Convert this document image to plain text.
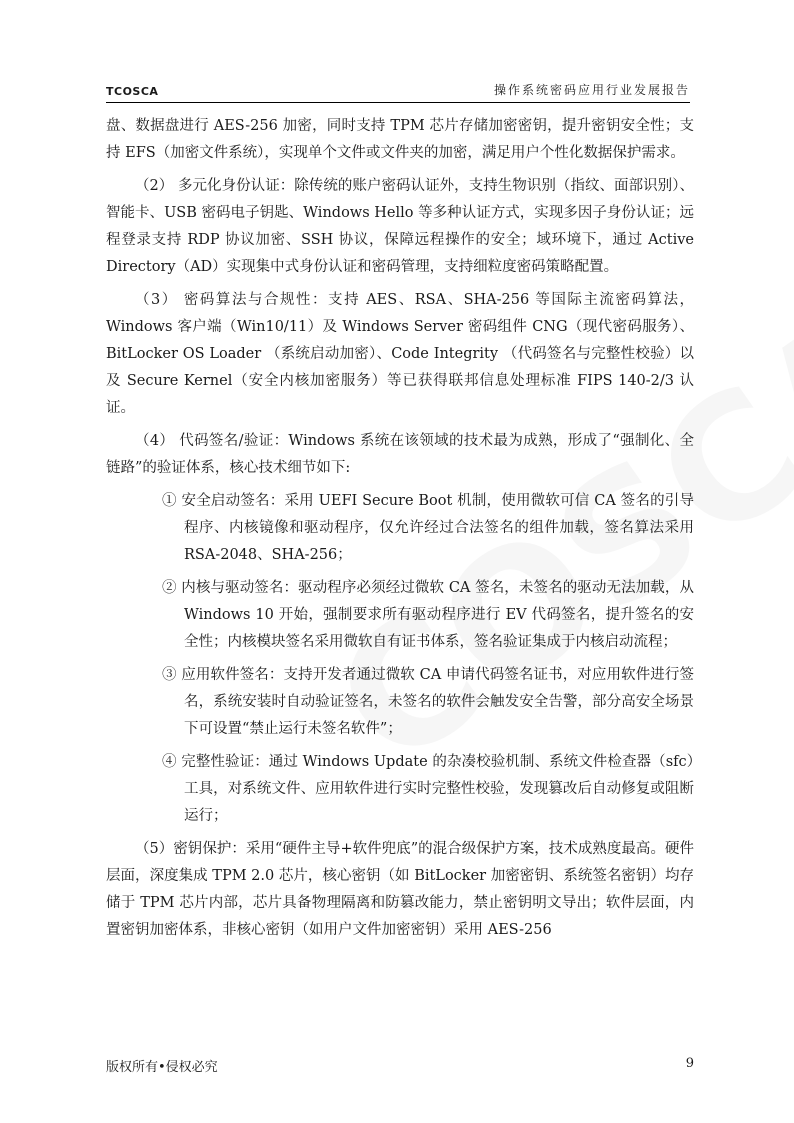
TCOSCA	操作系统密码应用行业发展报告

盘、数据盘进行 AES-256 加密，同时支持 TPM 芯片存储加密密钥，提升密钥安全性；支持 EFS（加密文件系统），实现单个文件或文件夹的加密，满足用户个性化数据保护需求。

（2） 多元化身份认证：除传统的账户密码认证外，支持生物识别（指纹、面部识别）、智能卡、USB 密码电子钥匙、Windows Hello 等多种认证方式，实现多因子身份认证；远程登录支持 RDP 协议加密、SSH 协议，保障远程操作的安全；域环境下，通过 Active Directory（AD）实现集中式身份认证和密码管理，支持细粒度密码策略配置。

（3） 密码算法与合规性：支持 AES、RSA、SHA-256 等国际主流密码算法，Windows 客户端（Win10/11）及 Windows Server 密码组件 CNG（现代密码服务）、BitLocker OS Loader （系统启动加密）、Code Integrity （代码签名与完整性校验）以及 Secure Kernel（安全内核加密服务）等已获得联邦信息处理标准 FIPS 140-2/3 认证。

（4） 代码签名/验证：Windows 系统在该领域的技术最为成熟，形成了“强制化、全链路”的验证体系，核心技术细节如下:

① 安全启动签名：采用 UEFI Secure Boot 机制，使用微软可信 CA 签名的引导程序、内核镜像和驱动程序，仅允许经过合法签名的组件加载，签名算法采用 RSA-2048、SHA-256；
② 内核与驱动签名：驱动程序必须经过微软 CA 签名，未签名的驱动无法加载，从 Windows 10 开始，强制要求所有驱动程序进行 EV 代码签名，提升签名的安全性；内核模块签名采用微软自有证书体系，签名验证集成于内核启动流程；
③ 应用软件签名：支持开发者通过微软 CA 申请代码签名证书，对应用软件进行签名，系统安装时自动验证签名，未签名的软件会触发安全告警，部分高安全场景下可设置“禁止运行未签名软件”；
④ 完整性验证：通过 Windows Update 的杂凑校验机制、系统文件检查器（sfc）工具，对系统文件、应用软件进行实时完整性校验，发现篡改后自动修复或阻断运行；

（5）密钥保护：采用“硬件主导+软件兜底”的混合级保护方案，技术成熟度最高。硬件层面，深度集成 TPM 2.0 芯片，核心密钥（如 BitLocker 加密密钥、系统签名密钥）均存储于 TPM 芯片内部，芯片具备物理隔离和防篡改能力，禁止密钥明文导出；软件层面，内置密钥加密体系，非核心密钥（如用户文件加密密钥）采用 AES-256

版权所有•侵权必究	9
